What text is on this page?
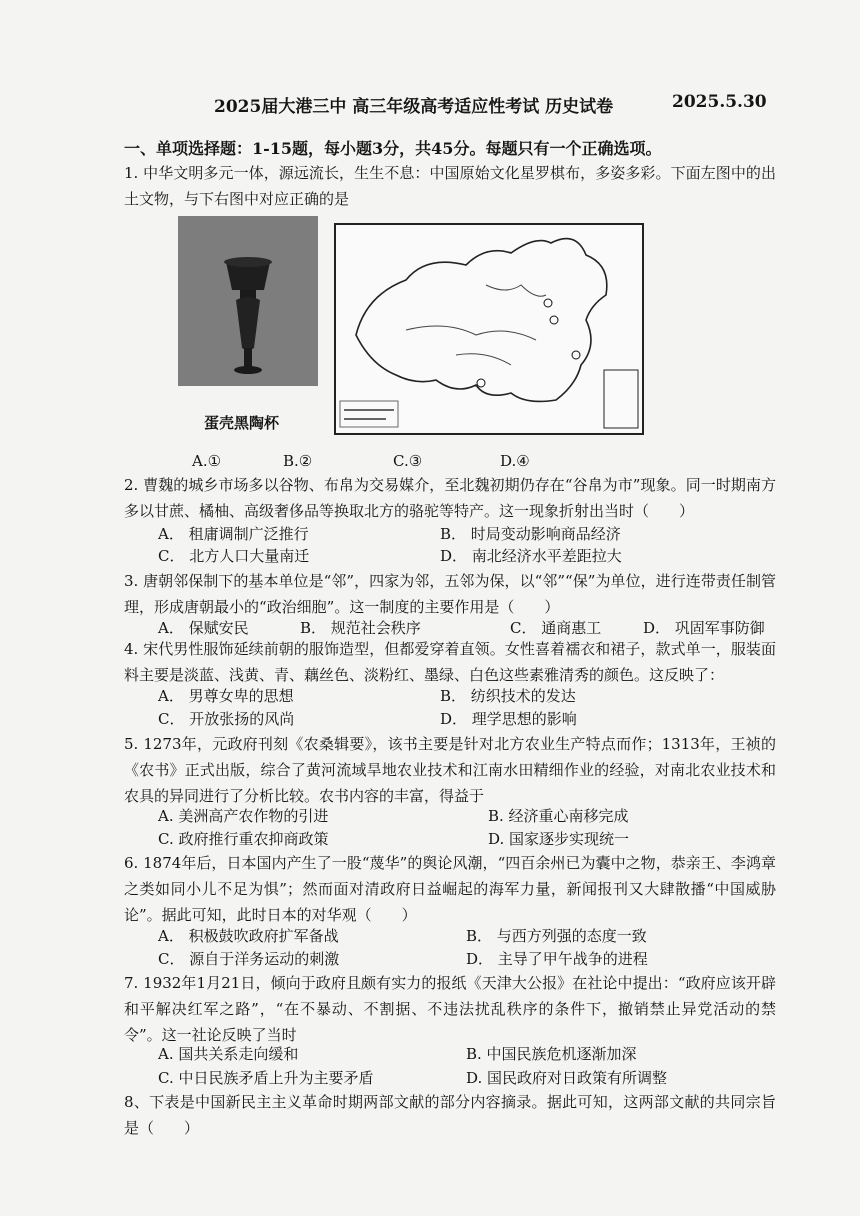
2025届大港三中 高三年级高考适应性考试 历史试卷	2025.5.30
一、单项选择题：1-15题，每小题3分，共45分。每题只有一个正确选项。
1. 中华文明多元一体，源远流长，生生不息：中国原始文化星罗棋布，多姿多彩。下面左图中的出土文物，与下右图中对应正确的是
蛋壳黑陶杯
A.①	B.②	C.③	D.④
2. 曹魏的城乡市场多以谷物、布帛为交易媒介，至北魏初期仍存在“谷帛为市”现象。同一时期南方多以甘蔗、橘柚、高级奢侈品等换取北方的骆驼等特产。这一现象折射出当时（　　）
A． 租庸调制广泛推行	B． 时局变动影响商品经济
C． 北方人口大量南迁	D． 南北经济水平差距拉大
3. 唐朝邻保制下的基本单位是“邻”，四家为邻，五邻为保，以“邻”“保”为单位，进行连带责任制管理，形成唐朝最小的“政治细胞”。这一制度的主要作用是（　　）
A． 保赋安民	B． 规范社会秩序	C． 通商惠工	D． 巩固军事防御
4. 宋代男性服饰延续前朝的服饰造型，但都爱穿着直领。女性喜着襦衣和裙子，款式单一，服装面料主要是淡蓝、浅黄、青、藕丝色、淡粉红、墨绿、白色这些素雅清秀的颜色。这反映了：
A． 男尊女卑的思想	B． 纺织技术的发达
C． 开放张扬的风尚	D． 理学思想的影响
5. 1273年，元政府刊刻《农桑辑要》，该书主要是针对北方农业生产特点而作；1313年，王祯的《农书》正式出版，综合了黄河流域旱地农业技术和江南水田精细作业的经验，对南北农业技术和农具的异同进行了分析比较。农书内容的丰富，得益于
A. 美洲高产农作物的引进	B. 经济重心南移完成
C. 政府推行重农抑商政策	D. 国家逐步实现统一
6. 1874年后，日本国内产生了一股“蔑华”的舆论风潮，“四百余州已为囊中之物，恭亲王、李鸿章之类如同小儿不足为惧”；然而面对清政府日益崛起的海军力量，新闻报刊又大肆散播“中国威胁论”。据此可知，此时日本的对华观（　　）
A． 积极鼓吹政府扩军备战	B． 与西方列强的态度一致
C． 源自于洋务运动的刺激	D． 主导了甲午战争的进程
7. 1932年1月21日，倾向于政府且颇有实力的报纸《天津大公报》在社论中提出：“政府应该开辟和平解决红军之路”，“在不暴动、不割据、不违法扰乱秩序的条件下，撤销禁止异党活动的禁令”。这一社论反映了当时
A. 国共关系走向缓和	B. 中国民族危机逐渐加深
C. 中日民族矛盾上升为主要矛盾	D. 国民政府对日政策有所调整
8、下表是中国新民主主义革命时期两部文献的部分内容摘录。据此可知，这两部文献的共同宗旨是（　　）
